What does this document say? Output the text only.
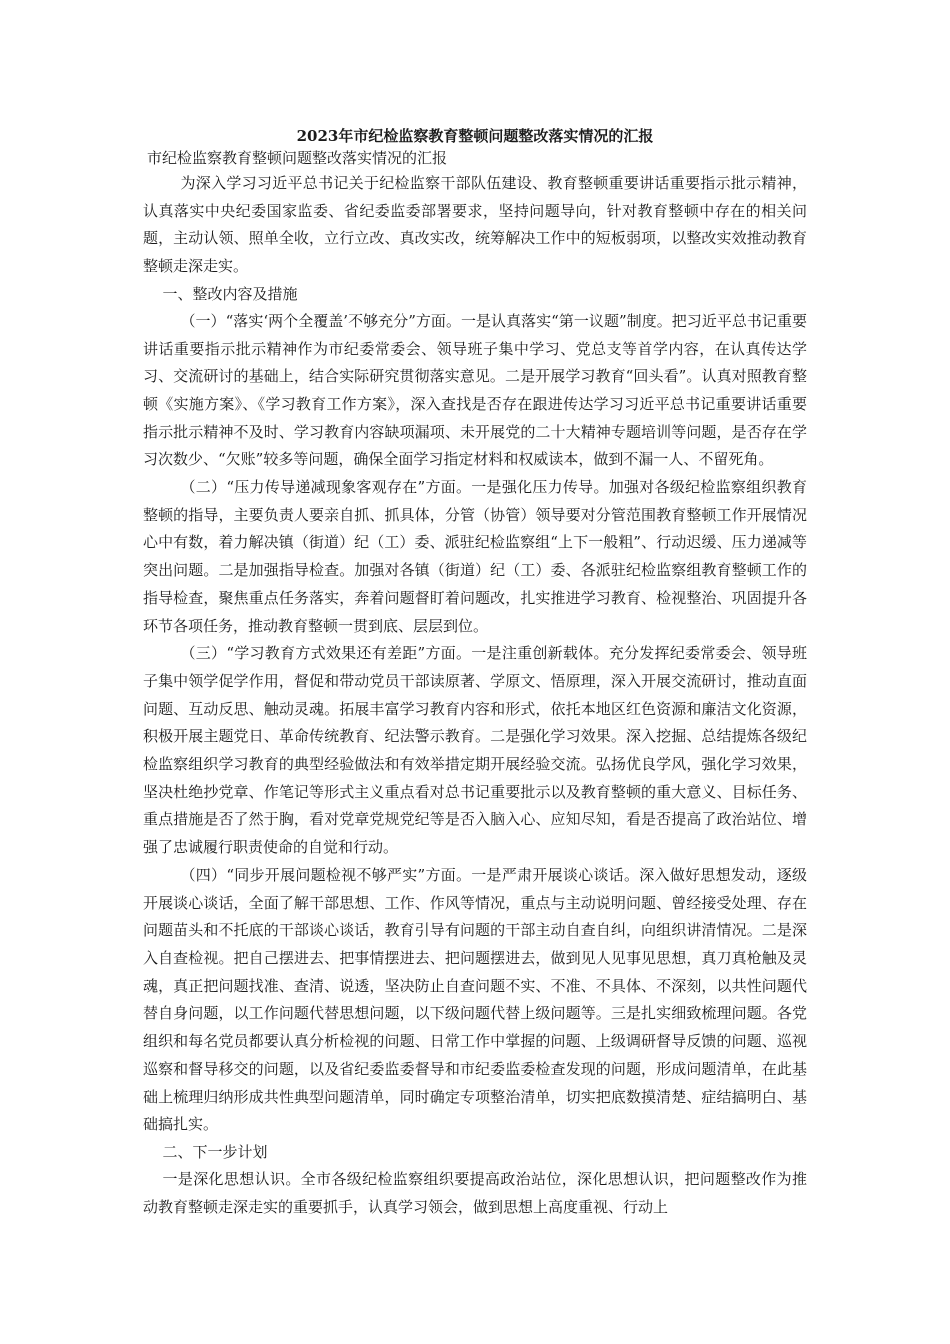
2023年市纪检监察教育整顿问题整改落实情况的汇报
市纪检监察教育整顿问题整改落实情况的汇报

为深入学习习近平总书记关于纪检监察干部队伍建设、教育整顿重要讲话重要指示批示精神，认真落实中央纪委国家监委、省纪委监委部署要求，坚持问题导向，针对教育整顿中存在的相关问题，主动认领、照单全收，立行立改、真改实改，统筹解决工作中的短板弱项，以整改实效推动教育整顿走深走实。

一、整改内容及措施

（一）“落实‘两个全覆盖’不够充分”方面。一是认真落实“第一议题”制度。把习近平总书记重要讲话重要指示批示精神作为市纪委常委会、领导班子集中学习、党总支等首学内容，在认真传达学习、交流研讨的基础上，结合实际研究贯彻落实意见。二是开展学习教育“回头看”。认真对照教育整顿《实施方案》、《学习教育工作方案》，深入查找是否存在跟进传达学习习近平总书记重要讲话重要指示批示精神不及时、学习教育内容缺项漏项、未开展党的二十大精神专题培训等问题，是否存在学习次数少、“欠账”较多等问题，确保全面学习指定材料和权威读本，做到不漏一人、不留死角。

（二）“压力传导递减现象客观存在”方面。一是强化压力传导。加强对各级纪检监察组织教育整顿的指导，主要负责人要亲自抓、抓具体，分管（协管）领导要对分管范围教育整顿工作开展情况心中有数，着力解决镇（街道）纪（工）委、派驻纪检监察组“上下一般粗”、行动迟缓、压力递减等突出问题。二是加强指导检查。加强对各镇（街道）纪（工）委、各派驻纪检监察组教育整顿工作的指导检查，聚焦重点任务落实，奔着问题督盯着问题改，扎实推进学习教育、检视整治、巩固提升各环节各项任务，推动教育整顿一贯到底、层层到位。

（三）“学习教育方式效果还有差距”方面。一是注重创新载体。充分发挥纪委常委会、领导班子集中领学促学作用，督促和带动党员干部读原著、学原文、悟原理，深入开展交流研讨，推动直面问题、互动反思、触动灵魂。拓展丰富学习教育内容和形式，依托本地区红色资源和廉洁文化资源，积极开展主题党日、革命传统教育、纪法警示教育。二是强化学习效果。深入挖掘、总结提炼各级纪检监察组织学习教育的典型经验做法和有效举措定期开展经验交流。弘扬优良学风，强化学习效果，坚决杜绝抄党章、作笔记等形式主义重点看对总书记重要批示以及教育整顿的重大意义、目标任务、重点措施是否了然于胸，看对党章党规党纪等是否入脑入心、应知尽知，看是否提高了政治站位、增强了忠诚履行职责使命的自觉和行动。

（四）“同步开展问题检视不够严实”方面。一是严肃开展谈心谈话。深入做好思想发动，逐级开展谈心谈话，全面了解干部思想、工作、作风等情况，重点与主动说明问题、曾经接受处理、存在问题苗头和不托底的干部谈心谈话，教育引导有问题的干部主动自查自纠，向组织讲清情况。二是深入自查检视。把自己摆进去、把事情摆进去、把问题摆进去，做到见人见事见思想，真刀真枪触及灵魂，真正把问题找准、查清、说透，坚决防止自查问题不实、不准、不具体、不深刻，以共性问题代替自身问题，以工作问题代替思想问题，以下级问题代替上级问题等。三是扎实细致梳理问题。各党组织和每名党员都要认真分析检视的问题、日常工作中掌握的问题、上级调研督导反馈的问题、巡视巡察和督导移交的问题，以及省纪委监委督导和市纪委监委检查发现的问题，形成问题清单，在此基础上梳理归纳形成共性典型问题清单，同时确定专项整治清单，切实把底数摸清楚、症结搞明白、基础搞扎实。

二、下一步计划

一是深化思想认识。全市各级纪检监察组织要提高政治站位，深化思想认识，把问题整改作为推动教育整顿走深走实的重要抓手，认真学习领会，做到思想上高度重视、行动上
